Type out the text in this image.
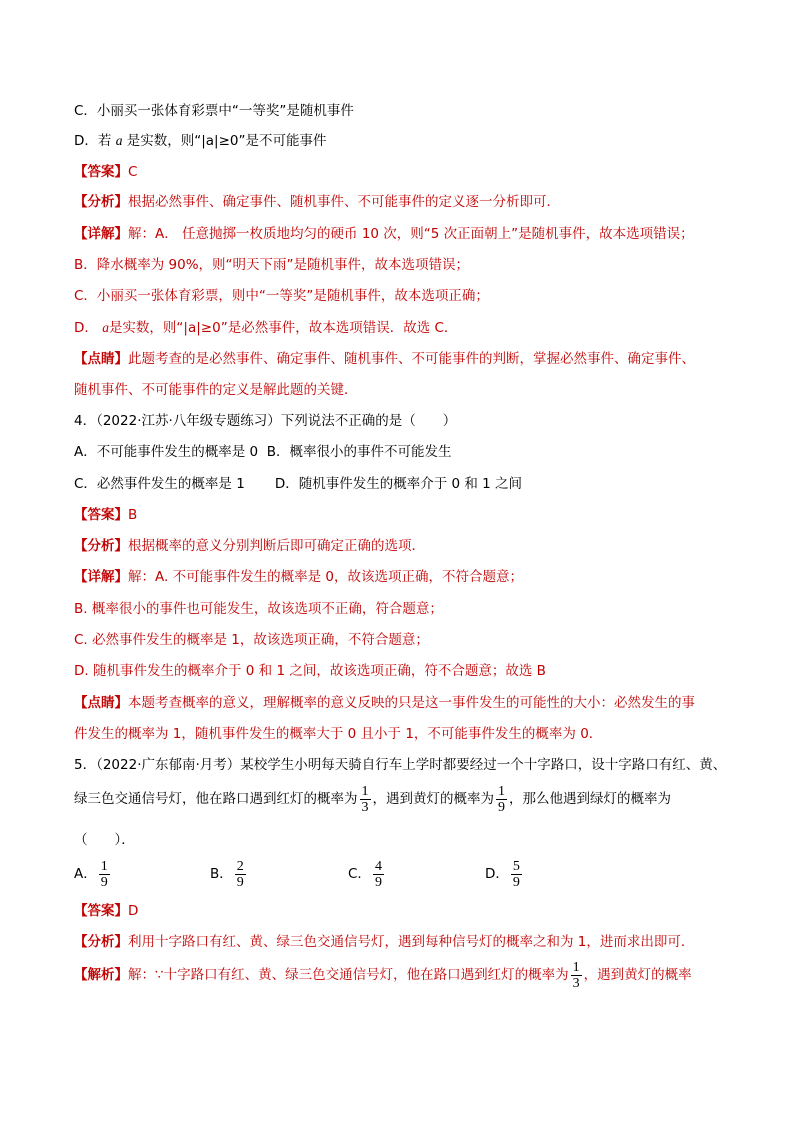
C．小丽买一张体育彩票中“一等奖”是随机事件
D．若 a 是实数，则“|a|≥0”是不可能事件
【答案】C
【分析】根据必然事件、确定事件、随机事件、不可能事件的定义逐一分析即可．
【详解】解：A． 任意抛掷一枚质地均匀的硬币 10 次，则“5 次正面朝上”是随机事件，故本选项错误；
B．降水概率为 90%，则“明天下雨”是随机事件，故本选项错误；
C．小丽买一张体育彩票，则中“一等奖”是随机事件，故本选项正确；
D． a是实数，则“|a|≥0”是必然事件，故本选项错误．故选 C．
【点睛】此题考查的是必然事件、确定事件、随机事件、不可能事件的判断，掌握必然事件、确定事件、
随机事件、不可能事件的定义是解此题的关键．
4．（2022·江苏·八年级专题练习）下列说法不正确的是（　　）
A．不可能事件发生的概率是 0 B．概率很小的事件不可能发生
C．必然事件发生的概率是 1 D．随机事件发生的概率介于 0 和 1 之间
【答案】B
【分析】根据概率的意义分别判断后即可确定正确的选项．
【详解】解：A. 不可能事件发生的概率是 0，故该选项正确，不符合题意；
B. 概率很小的事件也可能发生，故该选项不正确，符合题意；
C. 必然事件发生的概率是 1，故该选项正确，不符合题意；
D. 随机事件发生的概率介于 0 和 1 之间，故该选项正确，符不合题意；故选 B
【点睛】本题考查概率的意义，理解概率的意义反映的只是这一事件发生的可能性的大小：必然发生的事
件发生的概率为 1，随机事件发生的概率大于 0 且小于 1，不可能事件发生的概率为 0．
5．（2022·广东郁南·月考）某校学生小明每天骑自行车上学时都要经过一个十字路口，设十字路口有红、黄、
绿三色交通信号灯，他在路口遇到红灯的概率为 $\frac{1}{3}$ ，遇到黄灯的概率为 $\frac{1}{9}$ ，那么他遇到绿灯的概率为
（　　）．
A． $\frac{1}{9}$	B． $\frac{2}{9}$	C． $\frac{4}{9}$	D． $\frac{5}{9}$
【答案】D
【分析】利用十字路口有红、黄、绿三色交通信号灯，遇到每种信号灯的概率之和为 1，进而求出即可．
【解析】解：∵十字路口有红、黄、绿三色交通信号灯，他在路口遇到红灯的概率为 $\frac{1}{3}$ ，遇到黄灯的概率
